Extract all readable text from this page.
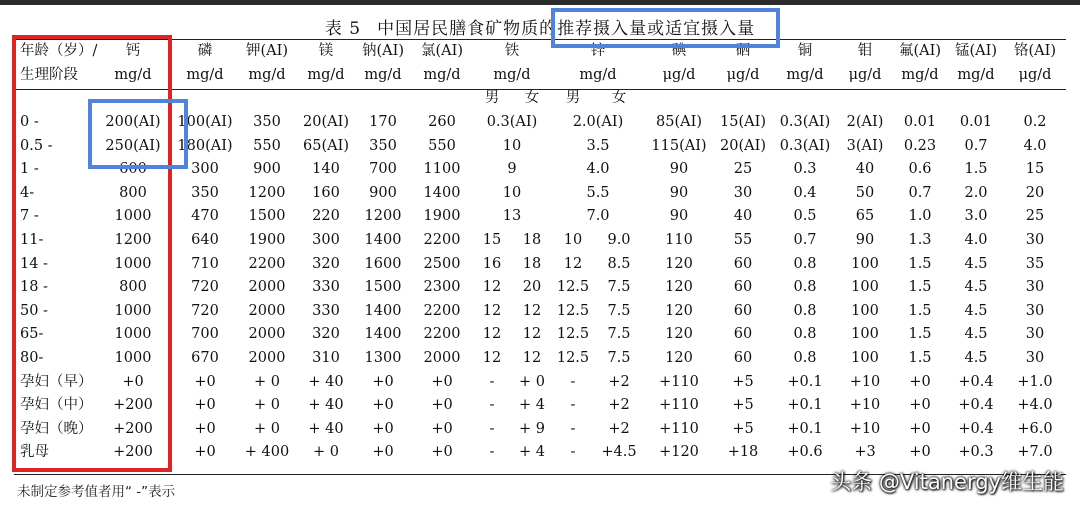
表 5 中国居民膳食矿物质的推荐摄入量或适宜摄入量
年龄（岁）/	钙	磷	钾(AI)	镁	钠(AI)	氯(AI)	铁		锌		碘	硒	铜	钼	氟(AI)	锰(AI)	铬(AI)
生理阶段	mg/d	mg/d	mg/d	mg/d	mg/d	mg/d	mg/d		mg/d		μg/d	μg/d	mg/d	μg/d	mg/d	mg/d	μg/d
							男	女	男	女							
0 -	200(AI)	100(AI)	350	20(AI)	170	260	0.3(AI)		2.0(AI)		85(AI)	15(AI)	0.3(AI)	2(AI)	0.01	0.01	0.2
0.5 -	250(AI)	180(AI)	550	65(AI)	350	550	10		3.5		115(AI)	20(AI)	0.3(AI)	3(AI)	0.23	0.7	4.0
1 -	600	300	900	140	700	1100	9		4.0		90	25	0.3	40	0.6	1.5	15
4-	800	350	1200	160	900	1400	10		5.5		90	30	0.4	50	0.7	2.0	20
7 -	1000	470	1500	220	1200	1900	13		7.0		90	40	0.5	65	1.0	3.0	25
11-	1200	640	1900	300	1400	2200	15	18	10	9.0	110	55	0.7	90	1.3	4.0	30
14 -	1000	710	2200	320	1600	2500	16	18	12	8.5	120	60	0.8	100	1.5	4.5	35
18 -	800	720	2000	330	1500	2300	12	20	12.5	7.5	120	60	0.8	100	1.5	4.5	30
50 -	1000	720	2000	330	1400	2200	12	12	12.5	7.5	120	60	0.8	100	1.5	4.5	30
65-	1000	700	2000	320	1400	2200	12	12	12.5	7.5	120	60	0.8	100	1.5	4.5	30
80-	1000	670	2000	310	1300	2000	12	12	12.5	7.5	120	60	0.8	100	1.5	4.5	30
孕妇（早）	+0	+0	+ 0	+ 40	+0	+0	-	+ 0	-	+2	+110	+5	+0.1	+10	+0	+0.4	+1.0
孕妇（中）	+200	+0	+ 0	+ 40	+0	+0	-	+ 4	-	+2	+110	+5	+0.1	+10	+0	+0.4	+4.0
孕妇（晚）	+200	+0	+ 0	+ 40	+0	+0	-	+ 9	-	+2	+110	+5	+0.1	+10	+0	+0.4	+6.0
乳母	+200	+0	+ 400	+ 0	+0	+0	-	+ 4	-	+4.5	+120	+18	+0.6	+3	+0	+0.3	+7.0
未制定参考值者用“ -”表示	头条 @Vitanergy维生能
